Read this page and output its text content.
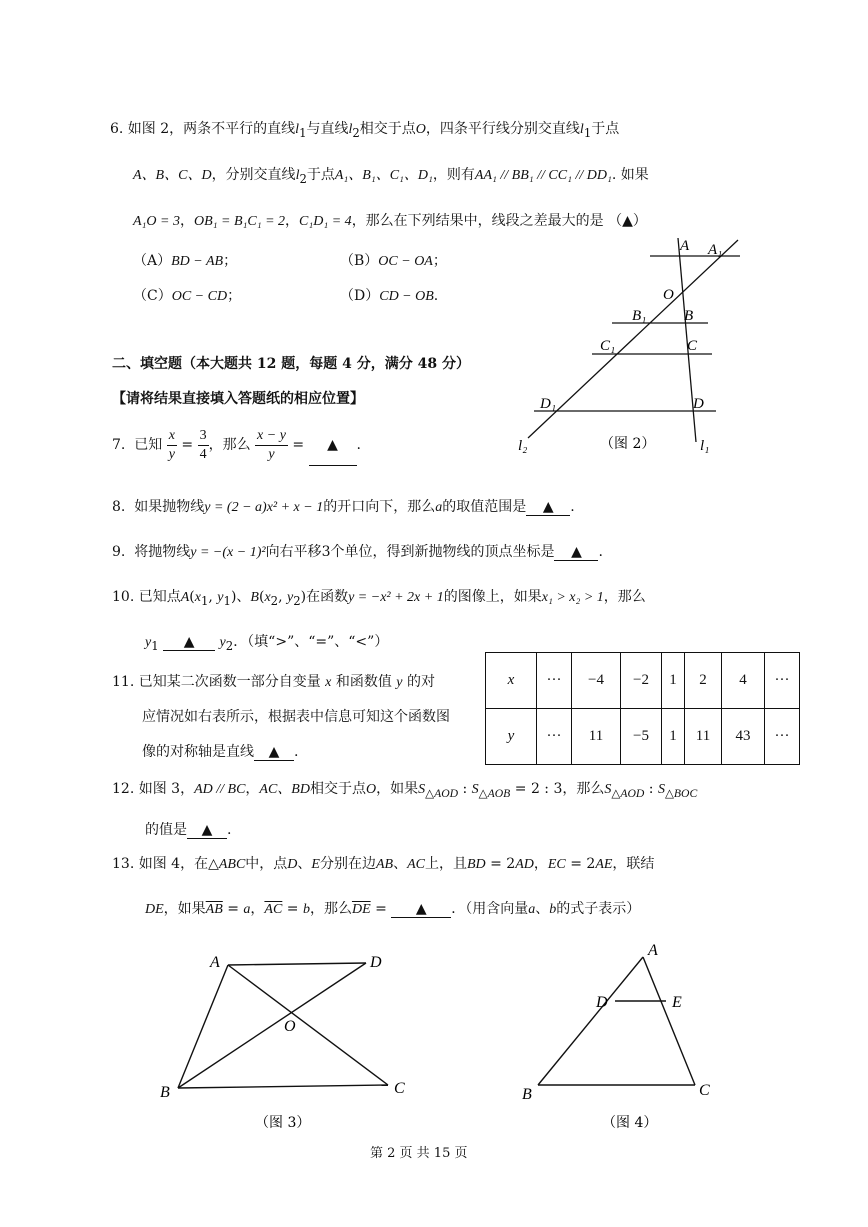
6. 如图 2，两条不平行的直线$l_1$与直线$l_2$相交于点O，四条平行线分别交直线$l_1$于点
A、B、C、D，分别交直线$l_2$于点A₁、B₁、C₁、D₁，则有AA₁ // BB₁ // CC₁ // DD₁. 如果
A₁O = 3，OB₁ = B₁C₁ = 2，C₁D₁ = 4，那么在下列结果中，线段之差最大的是 （▲）
（A）BD − AB；	（B）OC − OA；
（C）OC − CD；	（D）CD − OB.
A A₁
O
B₁	B
C₁	C
D₁	D
l₂	l₁
（图 2）
二、填空题（本大题共 12 题，每题 4 分，满分 48 分）
【请将结果直接填入答题纸的相应位置】
7. 已知 $\frac{x}{y} = \frac{3}{4}$ ，那么 $\frac{x - y}{y}$ = ▲ .
8. 如果抛物线y = (2 − a)x² + x − 1的开口向下，那么a的取值范围是 ▲ .
9. 将抛物线y = −(x − 1)²向右平移3个单位，得到新抛物线的顶点坐标是 ▲ .
10. 已知点$A(x_1$, $y_1$)、$B(x_2$, $y_2$)在函数y = −x² + 2x + 1的图像上，如果x₁ > x₂ > 1，那么
$y_1$ ▲ $y_2$．（填“>”、“=”、“<”）
11. 已知某二次函数一部分自变量 x 和函数值 y 的对
应情况如右表所示，根据表中信息可知这个函数图
像的对称轴是直线 ▲ .
x	···	−4	−2	1	2	4	···
y	···	11	−5	1	11	43	···
12. 如图 3，AD // BC，AC、BD相交于点O，如果$S_{\triangle AOD}$ : $S_{\triangle AOB} = 2$ : 3，那么$S_{\triangle AOD}$ : $S_{\triangle BOC}$
的值是 ▲ .
13. 如图 4，在△ABC中，点D、E分别在边AB、AC上，且BD = 2AD，EC = 2AE，联结
DE，如果$\overline{AB} = a$，$\overline{AC} = b$，那么$\overline{DE}$ = ▲ ．（用含向量a、b的式子表示）
A	D
O
B	C
（图 3）
A
D	E
B	C
（图 4）
第 2 页 共 15 页
